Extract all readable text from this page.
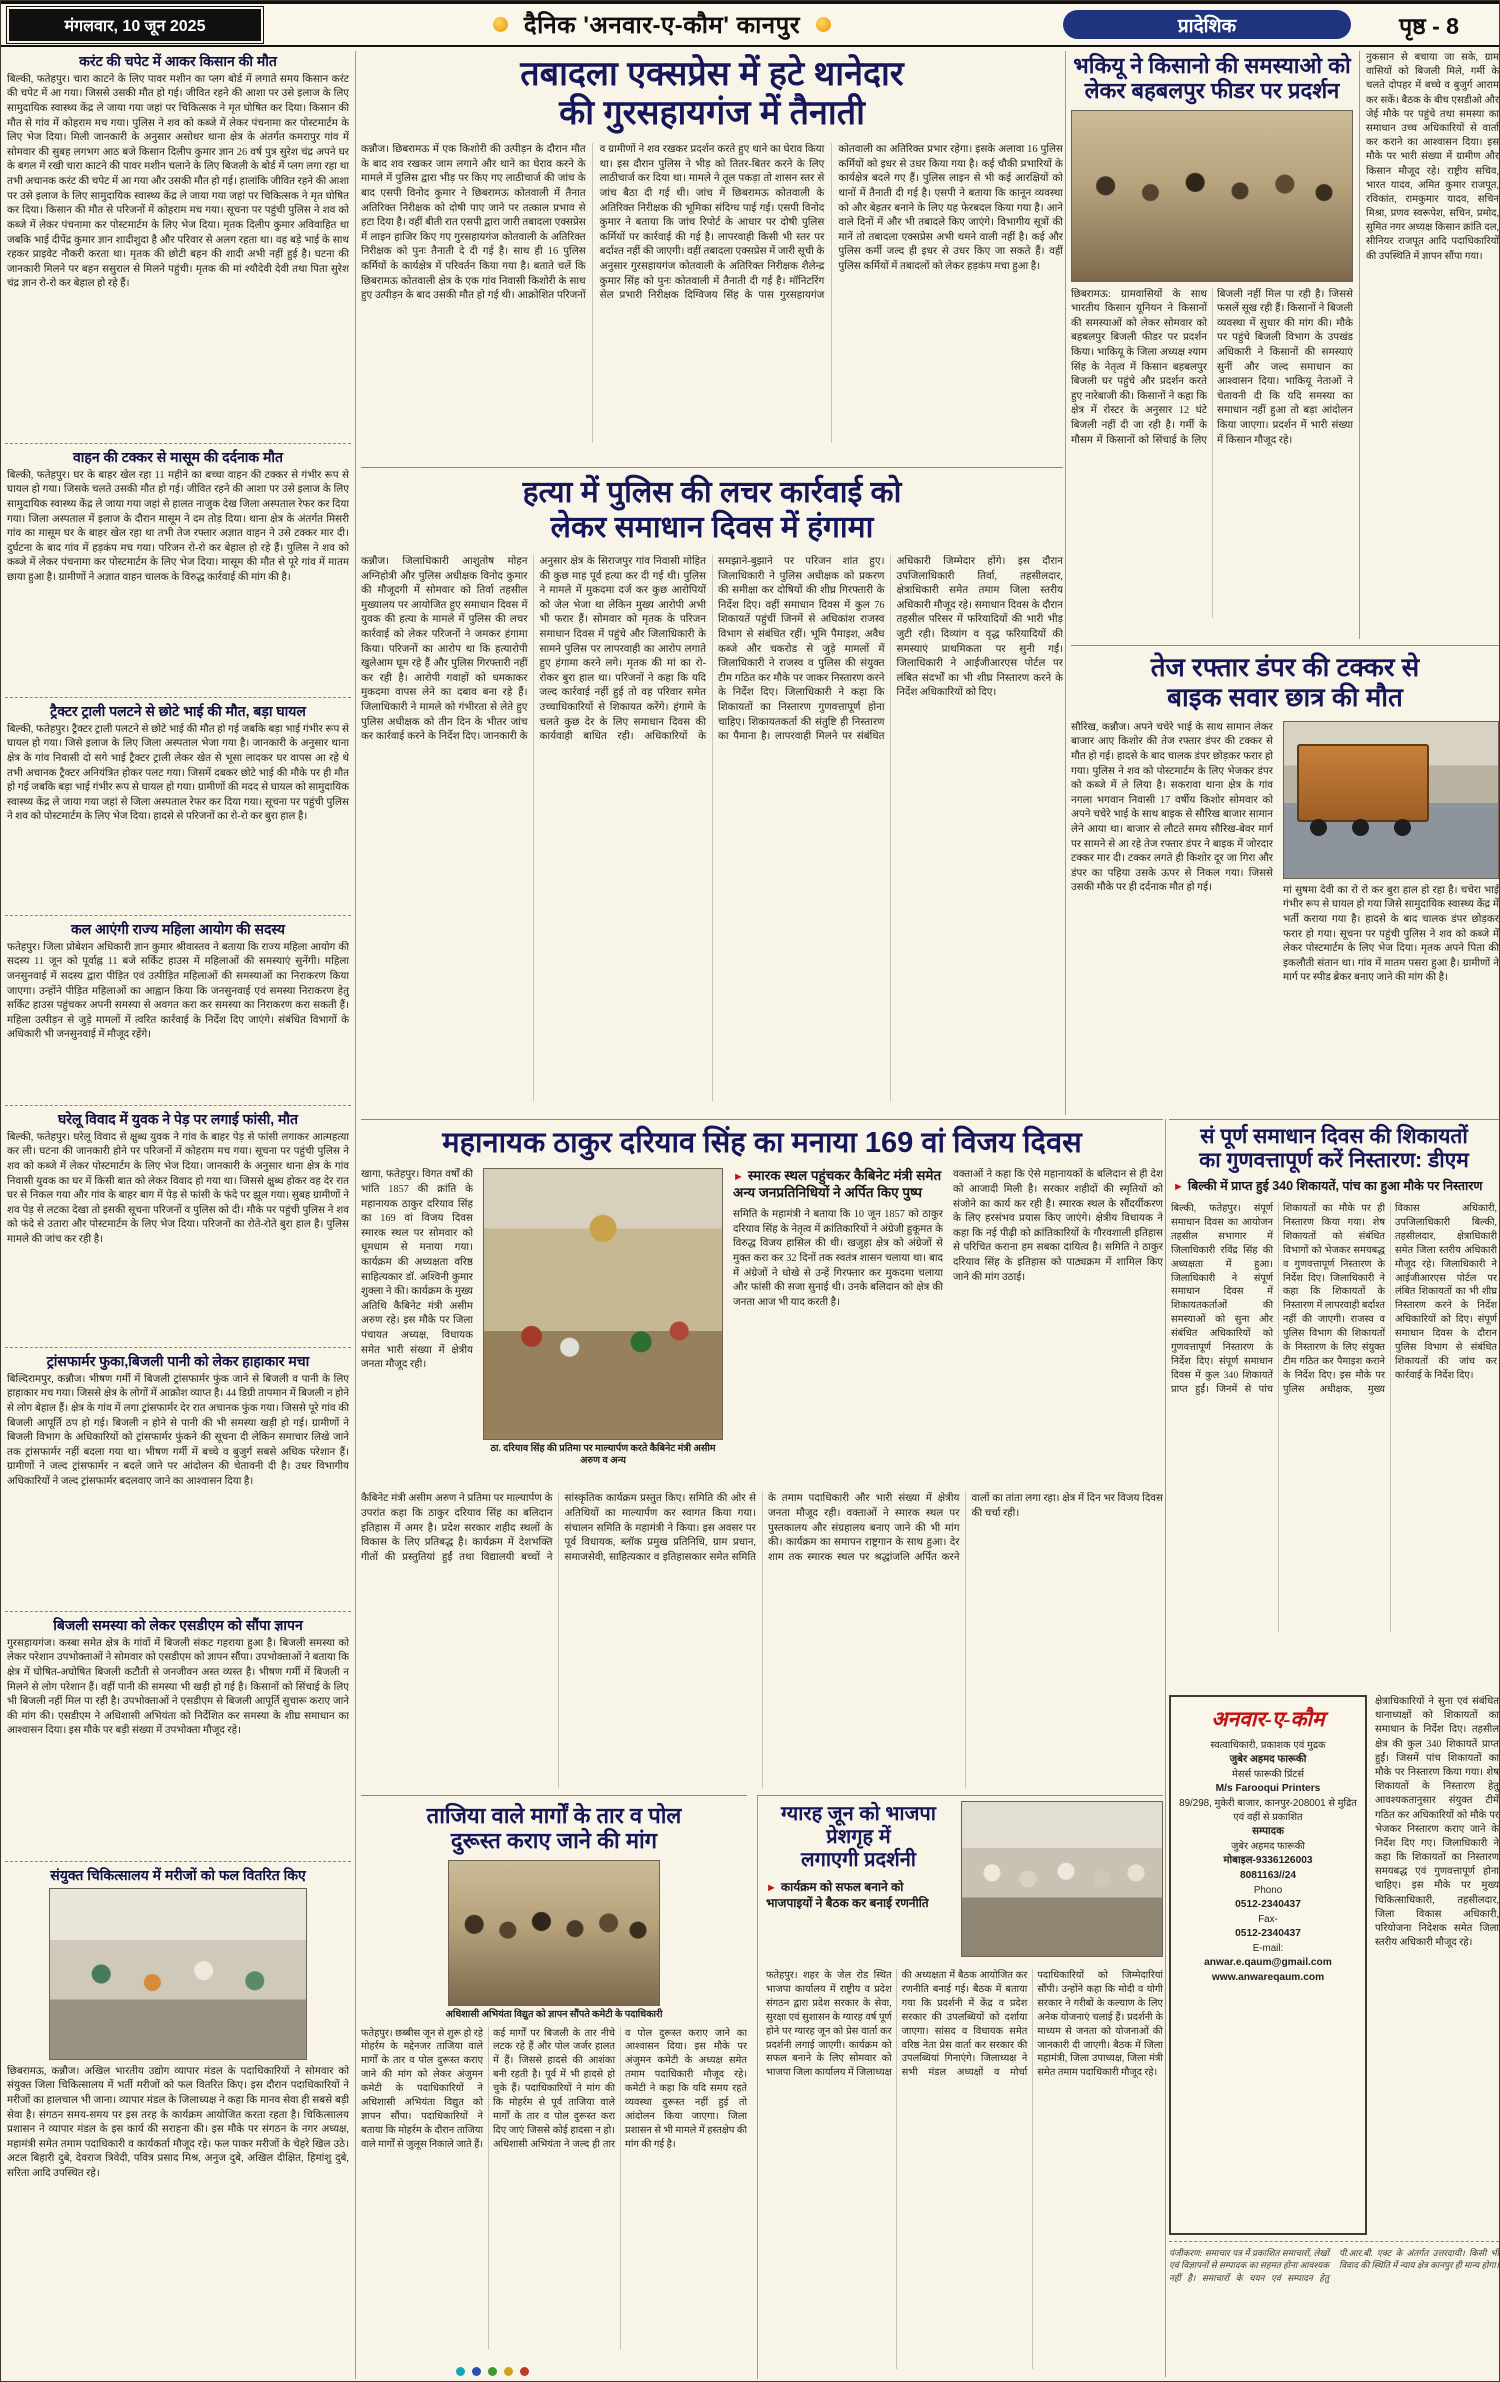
मंगलवार, 10 जून 2025	दैनिक 'अनवार-ए-कौम' कानपुर	प्रादेशिक	पृष्ठ - 8
करंट की चपेट में आकर किसान की मौत

बिल्की, फतेहपुर। चारा काटने के लिए पावर मशीन का प्लग बोर्ड में लगाते समय किसान करंट की चपेट में आ गया। जिससे उसकी मौत हो गई। जीवित रहने की आशा पर उसे इलाज के लिए सामुदायिक स्वास्थ्य केंद्र ले जाया गया जहां पर चिकित्सक ने मृत घोषित कर दिया। किसान की मौत से गांव में कोहराम मच गया। पुलिस ने शव को कब्जे में लेकर पंचनामा कर पोस्टमार्टम के लिए भेज दिया। मिली जानकारी के अनुसार असोथर थाना क्षेत्र के अंतर्गत कमरापुर गांव में सोमवार की सुबह लगभग आठ बजे किसान दिलीप कुमार ज्ञान 26 वर्ष पुत्र सुरेश चंद्र अपने घर के बगल में रखी चारा काटने की पावर मशीन चलाने के लिए बिजली के बोर्ड में प्लग लगा रहा था तभी अचानक करंट की चपेट में आ गया और उसकी मौत हो गई। हालांकि जीवित रहने की आशा पर उसे इलाज के लिए सामुदायिक स्वास्थ्य केंद्र ले जाया गया जहां पर चिकित्सक ने मृत घोषित कर दिया। किसान की मौत से परिजनों में कोहराम मच गया। सूचना पर पहुंची पुलिस ने शव को कब्जे में लेकर पंचनामा कर पोस्टमार्टम के लिए भेज दिया। मृतक दिलीप कुमार अविवाहित था जबकि भाई दीपेंद्र कुमार ज्ञान शादीशुदा है और परिवार से अलग रहता था। वह बड़े भाई के साथ रहकर प्राइवेट नौकरी करता था। मृतक की छोटी बहन की शादी अभी नहीं हुई है। घटना की जानकारी मिलने पर बहन ससुराल से मिलने पहुंची। मृतक की मां श्यौदेवी देवी तथा पिता सुरेश चंद्र ज्ञान रो-रो कर बेहाल हो रहे हैं।

वाहन की टक्कर से मासूम की दर्दनाक मौत

बिल्की, फतेहपुर। घर के बाहर खेल रहा 11 महीने का बच्चा वाहन की टक्कर से गंभीर रूप से घायल हो गया। जिसके चलते उसकी मौत हो गई। जीवित रहने की आशा पर उसे इलाज के लिए सामुदायिक स्वास्थ्य केंद्र ले जाया गया जहां से हालत नाजुक देख जिला अस्पताल रेफर कर दिया गया। जिला अस्पताल में इलाज के दौरान मासूम ने दम तोड़ दिया। थाना क्षेत्र के अंतर्गत मिसरी गांव का मासूम घर के बाहर खेल रहा था तभी तेज रफ्तार अज्ञात वाहन ने उसे टक्कर मार दी। दुर्घटना के बाद गांव में हड़कंप मच गया। परिजन रो-रो कर बेहाल हो रहे हैं। पुलिस ने शव को कब्जे में लेकर पंचनामा कर पोस्टमार्टम के लिए भेज दिया। मासूम की मौत से पूरे गांव में मातम छाया हुआ है। ग्रामीणों ने अज्ञात वाहन चालक के विरुद्ध कार्रवाई की मांग की है।

ट्रैक्टर ट्राली पलटने से छोटे भाई की मौत, बड़ा घायल

बिल्की, फतेहपुर। ट्रैक्टर ट्राली पलटने से छोटे भाई की मौत हो गई जबकि बड़ा भाई गंभीर रूप से घायल हो गया। जिसे इलाज के लिए जिला अस्पताल भेजा गया है। जानकारी के अनुसार थाना क्षेत्र के गांव निवासी दो सगे भाई ट्रैक्टर ट्राली लेकर खेत से भूसा लादकर घर वापस आ रहे थे तभी अचानक ट्रैक्टर अनियंत्रित होकर पलट गया। जिसमें दबकर छोटे भाई की मौके पर ही मौत हो गई जबकि बड़ा भाई गंभीर रूप से घायल हो गया। ग्रामीणों की मदद से घायल को सामुदायिक स्वास्थ्य केंद्र ले जाया गया जहां से जिला अस्पताल रेफर कर दिया गया। सूचना पर पहुंची पुलिस ने शव को पोस्टमार्टम के लिए भेज दिया। हादसे से परिजनों का रो-रो कर बुरा हाल है।

कल आएंगी राज्य महिला आयोग की सदस्य

फतेहपुर। जिला प्रोबेशन अधिकारी ज्ञान कुमार श्रीवास्तव ने बताया कि राज्य महिला आयोग की सदस्य 11 जून को पूर्वाह्न 11 बजे सर्किट हाउस में महिलाओं की समस्याएं सुनेंगी। महिला जनसुनवाई में सदस्य द्वारा पीड़ित एवं उत्पीड़ित महिलाओं की समस्याओं का निराकरण किया जाएगा। उन्होंने पीड़ित महिलाओं का आह्वान किया कि जनसुनवाई एवं समस्या निराकरण हेतु सर्किट हाउस पहुंचकर अपनी समस्या से अवगत करा कर समस्या का निराकरण करा सकती हैं। महिला उत्पीड़न से जुड़े मामलों में त्वरित कार्रवाई के निर्देश दिए जाएंगे। संबंधित विभागों के अधिकारी भी जनसुनवाई में मौजूद रहेंगे।

घरेलू विवाद में युवक ने पेड़ पर लगाई फांसी, मौत

बिल्की, फतेहपुर। घरेलू विवाद से क्षुब्ध युवक ने गांव के बाहर पेड़ से फांसी लगाकर आत्महत्या कर ली। घटना की जानकारी होने पर परिजनों में कोहराम मच गया। सूचना पर पहुंची पुलिस ने शव को कब्जे में लेकर पोस्टमार्टम के लिए भेज दिया। जानकारी के अनुसार थाना क्षेत्र के गांव निवासी युवक का घर में किसी बात को लेकर विवाद हो गया था। जिससे क्षुब्ध होकर वह देर रात घर से निकल गया और गांव के बाहर बाग में पेड़ से फांसी के फंदे पर झूल गया। सुबह ग्रामीणों ने शव पेड़ से लटका देखा तो इसकी सूचना परिजनों व पुलिस को दी। मौके पर पहुंची पुलिस ने शव को फंदे से उतारा और पोस्टमार्टम के लिए भेज दिया। परिजनों का रोते-रोते बुरा हाल है। पुलिस मामले की जांच कर रही है।

ट्रांसफार्मर फुका,बिजली पानी को लेकर हाहाकार मचा

बिल्दिरामपुर, कन्नौज। भीषण गर्मी में बिजली ट्रांसफार्मर फुंक जाने से बिजली व पानी के लिए हाहाकार मच गया। जिससे क्षेत्र के लोगों में आक्रोश व्याप्त है। 44 डिग्री तापमान में बिजली न होने से लोग बेहाल हैं। क्षेत्र के गांव में लगा ट्रांसफार्मर देर रात अचानक फुंक गया। जिससे पूरे गांव की बिजली आपूर्ति ठप हो गई। बिजली न होने से पानी की भी समस्या खड़ी हो गई। ग्रामीणों ने बिजली विभाग के अधिकारियों को ट्रांसफार्मर फुंकने की सूचना दी लेकिन समाचार लिखे जाने तक ट्रांसफार्मर नहीं बदला गया था। भीषण गर्मी में बच्चे व बुजुर्ग सबसे अधिक परेशान हैं। ग्रामीणों ने जल्द ट्रांसफार्मर न बदले जाने पर आंदोलन की चेतावनी दी है। उधर विभागीय अधिकारियों ने जल्द ट्रांसफार्मर बदलवाए जाने का आश्वासन दिया है।

बिजली समस्या को लेकर एसडीएम को सौंपा ज्ञापन

गुरसहायगंज। कस्बा समेत क्षेत्र के गांवों में बिजली संकट गहराया हुआ है। बिजली समस्या को लेकर परेशान उपभोक्ताओं ने सोमवार को एसडीएम को ज्ञापन सौंपा। उपभोक्ताओं ने बताया कि क्षेत्र में घोषित-अघोषित बिजली कटौती से जनजीवन अस्त व्यस्त है। भीषण गर्मी में बिजली न मिलने से लोग परेशान हैं। वहीं पानी की समस्या भी खड़ी हो गई है। किसानों को सिंचाई के लिए भी बिजली नहीं मिल पा रही है। उपभोक्ताओं ने एसडीएम से बिजली आपूर्ति सुचारू कराए जाने की मांग की। एसडीएम ने अधिशासी अभियंता को निर्देशित कर समस्या के शीघ्र समाधान का आश्वासन दिया। इस मौके पर बड़ी संख्या में उपभोक्ता मौजूद रहे।

संयुक्त चिकित्सालय में मरीजों को फल वितरित किए

छिबरामऊ, कन्नौज। अखिल भारतीय उद्योग व्यापार मंडल के पदाधिकारियों ने सोमवार को संयुक्त जिला चिकित्सालय में भर्ती मरीजों को फल वितरित किए। इस दौरान पदाधिकारियों ने मरीजों का हालचाल भी जाना। व्यापार मंडल के जिलाध्यक्ष ने कहा कि मानव सेवा ही सबसे बड़ी सेवा है। संगठन समय-समय पर इस तरह के कार्यक्रम आयोजित करता रहता है। चिकित्सालय प्रशासन ने व्यापार मंडल के इस कार्य की सराहना की। इस मौके पर संगठन के नगर अध्यक्ष, महामंत्री समेत तमाम पदाधिकारी व कार्यकर्ता मौजूद रहे। फल पाकर मरीजों के चेहरे खिल उठे। अटल बिहारी दुबे, देवराज त्रिवेदी, पवित्र प्रसाद मिश्र, अनुज दुबे, अखिल दीक्षित, हिमांशु दुबे, सरिता आदि उपस्थित रहे।

तबादला एक्सप्रेस में हटे थानेदार
की गुरसहायगंज में तैनाती
कन्नौज। छिबरामऊ में एक किशोरी की उत्पीड़न के दौरान मौत के बाद शव रखकर जाम लगाने और थाने का घेराव करने के मामले में पुलिस द्वारा भीड़ पर किए गए लाठीचार्ज की जांच के बाद एसपी विनोद कुमार ने छिबरामऊ कोतवाली में तैनात अतिरिक्त निरीक्षक को दोषी पाए जाने पर तत्काल प्रभाव से हटा दिया है। वहीं बीती रात एसपी द्वारा जारी तबादला एक्सप्रेस में लाइन हाजिर किए गए गुरसहायगंज कोतवाली के अतिरिक्त निरीक्षक को पुनः तैनाती दे दी गई है। साथ ही 16 पुलिस कर्मियों के कार्यक्षेत्र में परिवर्तन किया गया है। बताते चलें कि छिबरामऊ कोतवाली क्षेत्र के एक गांव निवासी किशोरी के साथ हुए उत्पीड़न के बाद उसकी मौत हो गई थी। आक्रोशित परिजनों व ग्रामीणों ने शव रखकर प्रदर्शन करते हुए थाने का घेराव किया था। इस दौरान पुलिस ने भीड़ को तितर-बितर करने के लिए लाठीचार्ज कर दिया था। मामले ने तूल पकड़ा तो शासन स्तर से जांच बैठा दी गई थी। जांच में छिबरामऊ कोतवाली के अतिरिक्त निरीक्षक की भूमिका संदिग्ध पाई गई। एसपी विनोद कुमार ने बताया कि जांच रिपोर्ट के आधार पर दोषी पुलिस कर्मियों पर कार्रवाई की गई है। लापरवाही किसी भी स्तर पर बर्दाश्त नहीं की जाएगी। वहीं तबादला एक्सप्रेस में जारी सूची के अनुसार गुरसहायगंज कोतवाली के अतिरिक्त निरीक्षक शैलेन्द्र कुमार सिंह को पुनः कोतवाली में तैनाती दी गई है। मॉनिटरिंग सेल प्रभारी निरीक्षक दिग्विजय सिंह के पास गुरसहायगंज कोतवाली का अतिरिक्त प्रभार रहेगा। इसके अलावा 16 पुलिस कर्मियों को इधर से उधर किया गया है। कई चौकी प्रभारियों के कार्यक्षेत्र बदले गए हैं। पुलिस लाइन से भी कई आरक्षियों को थानों में तैनाती दी गई है। एसपी ने बताया कि कानून व्यवस्था को और बेहतर बनाने के लिए यह फेरबदल किया गया है। आने वाले दिनों में और भी तबादले किए जाएंगे। विभागीय सूत्रों की मानें तो तबादला एक्सप्रेस अभी थमने वाली नहीं है। कई और पुलिस कर्मी जल्द ही इधर से उधर किए जा सकते हैं। वहीं पुलिस कर्मियों में तबादलों को लेकर हड़कंप मचा हुआ है।
हत्या में पुलिस की लचर कार्रवाई को
लेकर समाधान दिवस में हंगामा
कन्नौज। जिलाधिकारी आशुतोष मोहन अग्निहोत्री और पुलिस अधीक्षक विनोद कुमार की मौजूदगी में सोमवार को तिर्वा तहसील मुख्यालय पर आयोजित हुए समाधान दिवस में युवक की हत्या के मामले में पुलिस की लचर कार्रवाई को लेकर परिजनों ने जमकर हंगामा किया। परिजनों का आरोप था कि हत्यारोपी खुलेआम घूम रहे हैं और पुलिस गिरफ्तारी नहीं कर रही है। आरोपी गवाहों को धमकाकर मुकदमा वापस लेने का दबाव बना रहे हैं। जिलाधिकारी ने मामले को गंभीरता से लेते हुए पुलिस अधीक्षक को तीन दिन के भीतर जांच कर कार्रवाई करने के निर्देश दिए। जानकारी के अनुसार क्षेत्र के सिराजपुर गांव निवासी मोहित की कुछ माह पूर्व हत्या कर दी गई थी। पुलिस ने मामले में मुकदमा दर्ज कर कुछ आरोपियों को जेल भेजा था लेकिन मुख्य आरोपी अभी भी फरार हैं। सोमवार को मृतक के परिजन समाधान दिवस में पहुंचे और जिलाधिकारी के सामने पुलिस पर लापरवाही का आरोप लगाते हुए हंगामा करने लगे। मृतक की मां का रो-रोकर बुरा हाल था। परिजनों ने कहा कि यदि जल्द कार्रवाई नहीं हुई तो वह परिवार समेत उच्चाधिकारियों से शिकायत करेंगे। हंगामे के चलते कुछ देर के लिए समाधान दिवस की कार्यवाही बाधित रही। अधिकारियों के समझाने-बुझाने पर परिजन शांत हुए। जिलाधिकारी ने पुलिस अधीक्षक को प्रकरण की समीक्षा कर दोषियों की शीघ्र गिरफ्तारी के निर्देश दिए। वहीं समाधान दिवस में कुल 76 शिकायतें पहुंचीं जिनमें से अधिकांश राजस्व विभाग से संबंधित रहीं। भूमि पैमाइश, अवैध कब्जे और चकरोड से जुड़े मामलों में जिलाधिकारी ने राजस्व व पुलिस की संयुक्त टीम गठित कर मौके पर जाकर निस्तारण करने के निर्देश दिए। जिलाधिकारी ने कहा कि शिकायतों का निस्तारण गुणवत्तापूर्ण होना चाहिए। शिकायतकर्ता की संतुष्टि ही निस्तारण का पैमाना है। लापरवाही मिलने पर संबंधित अधिकारी जिम्मेदार होंगे। इस दौरान उपजिलाधिकारी तिर्वा, तहसीलदार, क्षेत्राधिकारी समेत तमाम जिला स्तरीय अधिकारी मौजूद रहे। समाधान दिवस के दौरान तहसील परिसर में फरियादियों की भारी भीड़ जुटी रही। दिव्यांग व वृद्ध फरियादियों की समस्याएं प्राथमिकता पर सुनी गईं। जिलाधिकारी ने आईजीआरएस पोर्टल पर लंबित संदर्भों का भी शीघ्र निस्तारण करने के निर्देश अधिकारियों को दिए।
भकियू ने किसानो की समस्याओ को
लेकर बहबलपुर फीडर पर प्रदर्शन
छिबरामऊ: ग्रामवासियों के साथ भारतीय किसान यूनियन ने किसानों की समस्याओं को लेकर सोमवार को बहबलपुर बिजली फीडर पर प्रदर्शन किया। भाकियू के जिला अध्यक्ष श्याम सिंह के नेतृत्व में किसान बहबलपुर बिजली घर पहुंचे और प्रदर्शन करते हुए नारेबाजी की। किसानों ने कहा कि क्षेत्र में रोस्टर के अनुसार 12 घंटे बिजली नहीं दी जा रही है। गर्मी के मौसम में किसानों को सिंचाई के लिए बिजली नहीं मिल पा रही है। जिससे फसलें सूख रही हैं। किसानों ने बिजली व्यवस्था में सुधार की मांग की। मौके पर पहुंचे बिजली विभाग के उपखंड अधिकारी ने किसानों की समस्याएं सुनीं और जल्द समाधान का आश्वासन दिया। भाकियू नेताओं ने चेतावनी दी कि यदि समस्या का समाधान नहीं हुआ तो बड़ा आंदोलन किया जाएगा। प्रदर्शन में भारी संख्या में किसान मौजूद रहे।
नुकसान से बचाया जा सके, ग्राम वासियों को बिजली मिले, गर्मी के चलते दोपहर में बच्चे व बुजुर्ग आराम कर सकें। बैठक के बीच एसडीओ और जेई मौके पर पहुंचे तथा समस्या का समाधान उच्च अधिकारियों से वार्ता कर कराने का आश्वासन दिया। इस मौके पर भारी संख्या में ग्रामीण और किसान मौजूद रहे। राष्ट्रीय सचिव, भारत यादव, अमित कुमार राजपूत, रविकांत, रामकुमार यादव, सचिन मिश्रा, प्रणव स्वरूपेश, सचिन, प्रमोद, सुमित नगर अध्यक्ष किसान क्रांति दल, सीनियर राजपूत आदि पदाधिकारियों की उपस्थिति में ज्ञापन सौंपा गया।
तेज रफ्तार डंपर की टक्कर से
बाइक सवार छात्र की मौत
सौरिख, कन्नौज। अपने चचेरे भाई के साथ सामान लेकर बाजार आए किशोर की तेज रफ्तार डंपर की टक्कर से मौत हो गई। हादसे के बाद चालक डंपर छोड़कर फरार हो गया। पुलिस ने शव को पोस्टमार्टम के लिए भेजकर डंपर को कब्जे में ले लिया है। सकरावा थाना क्षेत्र के गांव नगला भगवान निवासी 17 वर्षीय किशोर सोमवार को अपने चचेरे भाई के साथ बाइक से सौरिख बाजार सामान लेने आया था। बाजार से लौटते समय सौरिख-बेवर मार्ग पर सामने से आ रहे तेज रफ्तार डंपर ने बाइक में जोरदार टक्कर मार दी। टक्कर लगते ही किशोर दूर जा गिरा और डंपर का पहिया उसके ऊपर से निकल गया। जिससे उसकी मौके पर ही दर्दनाक मौत हो गई।	मां सुषमा देवी का रो रो कर बुरा हाल हो रहा है। चचेरा भाई गंभीर रूप से घायल हो गया जिसे सामुदायिक स्वास्थ्य केंद्र में भर्ती कराया गया है। हादसे के बाद चालक डंपर छोड़कर फरार हो गया। सूचना पर पहुंची पुलिस ने शव को कब्जे में लेकर पोस्टमार्टम के लिए भेज दिया। मृतक अपने पिता की इकलौती संतान था। गांव में मातम पसरा हुआ है। ग्रामीणों ने मार्ग पर स्पीड ब्रेकर बनाए जाने की मांग की है।
महानायक ठाकुर दरियाव सिंह का मनाया 169 वां विजय दिवस
खागा, फतेहपुर। विगत वर्षों की भांति 1857 की क्रांति के महानायक ठाकुर दरियाव सिंह का 169 वां विजय दिवस स्मारक स्थल पर सोमवार को धूमधाम से मनाया गया। कार्यक्रम की अध्यक्षता वरिष्ठ साहित्यकार डॉ. अश्विनी कुमार शुक्ला ने की। कार्यक्रम के मुख्य अतिथि कैबिनेट मंत्री असीम अरुण रहे। इस मौके पर जिला पंचायत अध्यक्ष, विधायक समेत भारी संख्या में क्षेत्रीय जनता मौजूद रही।
ठा. दरियाव सिंह की प्रतिमा पर माल्यार्पण करते कैबिनेट मंत्री असीम अरुण व अन्य
► स्मारक स्थल पहुंचकर कैबिनेट मंत्री समेत अन्य जनप्रतिनिधियों ने अर्पित किए पुष्प
समिति के महामंत्री ने बताया कि 10 जून 1857 को ठाकुर दरियाव सिंह के नेतृत्व में क्रांतिकारियों ने अंग्रेजी हुकूमत के विरुद्ध विजय हासिल की थी। खजुहा क्षेत्र को अंग्रेजों से मुक्त करा कर 32 दिनों तक स्वतंत्र शासन चलाया था। बाद में अंग्रेजों ने धोखे से उन्हें गिरफ्तार कर मुकदमा चलाया और फांसी की सजा सुनाई थी। उनके बलिदान को क्षेत्र की जनता आज भी याद करती है।
वक्ताओं ने कहा कि ऐसे महानायकों के बलिदान से ही देश को आजादी मिली है। सरकार शहीदों की स्मृतियों को संजोने का कार्य कर रही है। स्मारक स्थल के सौंदर्यीकरण के लिए हरसंभव प्रयास किए जाएंगे। क्षेत्रीय विधायक ने कहा कि नई पीढ़ी को क्रांतिकारियों के गौरवशाली इतिहास से परिचित कराना हम सबका दायित्व है। समिति ने ठाकुर दरियाव सिंह के इतिहास को पाठ्यक्रम में शामिल किए जाने की मांग उठाई।
कैबिनेट मंत्री असीम अरुण ने प्रतिमा पर माल्यार्पण के उपरांत कहा कि ठाकुर दरियाव सिंह का बलिदान इतिहास में अमर है। प्रदेश सरकार शहीद स्थलों के विकास के लिए प्रतिबद्ध है। कार्यक्रम में देशभक्ति गीतों की प्रस्तुतियां हुईं तथा विद्यालयी बच्चों ने सांस्कृतिक कार्यक्रम प्रस्तुत किए। समिति की ओर से अतिथियों का माल्यार्पण कर स्वागत किया गया। संचालन समिति के महामंत्री ने किया। इस अवसर पर पूर्व विधायक, ब्लॉक प्रमुख प्रतिनिधि, ग्राम प्रधान, समाजसेवी, साहित्यकार व इतिहासकार समेत समिति के तमाम पदाधिकारी और भारी संख्या में क्षेत्रीय जनता मौजूद रही। वक्ताओं ने स्मारक स्थल पर पुस्तकालय और संग्रहालय बनाए जाने की भी मांग की। कार्यक्रम का समापन राष्ट्रगान के साथ हुआ। देर शाम तक स्मारक स्थल पर श्रद्धांजलि अर्पित करने वालों का तांता लगा रहा। क्षेत्र में दिन भर विजय दिवस की चर्चा रही।
सं पूर्ण समाधान दिवस की शिकायतों
का गुणवत्तापूर्ण करें निस्तारण: डीएम
► बिल्की में प्राप्त हुई 340 शिकायतें, पांच का हुआ मौके पर निस्तारण
बिल्की, फतेहपुर। संपूर्ण समाधान दिवस का आयोजन तहसील सभागार में जिलाधिकारी रविंद्र सिंह की अध्यक्षता में हुआ। जिलाधिकारी ने संपूर्ण समाधान दिवस में शिकायतकर्ताओं की समस्याओं को सुना और संबंधित अधिकारियों को गुणवत्तापूर्ण निस्तारण के निर्देश दिए। संपूर्ण समाधान दिवस में कुल 340 शिकायतें प्राप्त हुईं। जिनमें से पांच शिकायतों का मौके पर ही निस्तारण किया गया। शेष शिकायतों को संबंधित विभागों को भेजकर समयबद्ध व गुणवत्तापूर्ण निस्तारण के निर्देश दिए। जिलाधिकारी ने कहा कि शिकायतों के निस्तारण में लापरवाही बर्दाश्त नहीं की जाएगी। राजस्व व पुलिस विभाग की शिकायतों के निस्तारण के लिए संयुक्त टीम गठित कर पैमाइश कराने के निर्देश दिए। इस मौके पर पुलिस अधीक्षक, मुख्य विकास अधिकारी, उपजिलाधिकारी बिल्की, तहसीलदार, क्षेत्राधिकारी समेत जिला स्तरीय अधिकारी मौजूद रहे। जिलाधिकारी ने आईजीआरएस पोर्टल पर लंबित शिकायतों का भी शीघ्र निस्तारण करने के निर्देश अधिकारियों को दिए। संपूर्ण समाधान दिवस के दौरान पुलिस विभाग से संबंधित शिकायतों की जांच कर कार्रवाई के निर्देश दिए।
ताजिया वाले मार्गों के तार व पोल
दुरूस्त कराए जाने की मांग
अधिशासी अभियंता विद्युत को ज्ञापन सौंपते कमेटी के पदाधिकारी
फतेहपुर। छब्बीस जून से शुरू हो रहे मोहर्रम के मद्देनजर ताजिया वाले मार्गों के तार व पोल दुरूस्त कराए जाने की मांग को लेकर अंजुमन कमेटी के पदाधिकारियों ने अधिशासी अभियंता विद्युत को ज्ञापन सौंपा। पदाधिकारियों ने बताया कि मोहर्रम के दौरान ताजिया वाले मार्गों से जुलूस निकाले जाते हैं। कई मार्गों पर बिजली के तार नीचे लटक रहे हैं और पोल जर्जर हालत में हैं। जिससे हादसे की आशंका बनी रहती है। पूर्व में भी हादसे हो चुके हैं। पदाधिकारियों ने मांग की कि मोहर्रम से पूर्व ताजिया वाले मार्गों के तार व पोल दुरूस्त करा दिए जाएं जिससे कोई हादसा न हो। अधिशासी अभियंता ने जल्द ही तार व पोल दुरूस्त कराए जाने का आश्वासन दिया। इस मौके पर अंजुमन कमेटी के अध्यक्ष समेत तमाम पदाधिकारी मौजूद रहे। कमेटी ने कहा कि यदि समय रहते व्यवस्था दुरूस्त नहीं हुई तो आंदोलन किया जाएगा। जिला प्रशासन से भी मामले में हस्तक्षेप की मांग की गई है।
ग्यारह जून को भाजपा प्रेशगृह में
लगाएगी प्रदर्शनी
► कार्यक्रम को सफल बनाने को भाजपाइयों ने बैठक कर बनाई रणनीति
फतेहपुर। शहर के जेल रोड स्थित भाजपा कार्यालय में राष्ट्रीय व प्रदेश संगठन द्वारा प्रदेश सरकार के सेवा, सुरक्षा एवं सुशासन के ग्यारह वर्ष पूर्ण होने पर ग्यारह जून को प्रेस वार्ता कर प्रदर्शनी लगाई जाएगी। कार्यक्रम को सफल बनाने के लिए सोमवार को भाजपा जिला कार्यालय में जिलाध्यक्ष की अध्यक्षता में बैठक आयोजित कर रणनीति बनाई गई। बैठक में बताया गया कि प्रदर्शनी में केंद्र व प्रदेश सरकार की उपलब्धियों को दर्शाया जाएगा। सांसद व विधायक समेत वरिष्ठ नेता प्रेस वार्ता कर सरकार की उपलब्धियां गिनाएंगे। जिलाध्यक्ष ने सभी मंडल अध्यक्षों व मोर्चा पदाधिकारियों को जिम्मेदारियां सौंपी। उन्होंने कहा कि मोदी व योगी सरकार ने गरीबों के कल्याण के लिए अनेक योजनाएं चलाई हैं। प्रदर्शनी के माध्यम से जनता को योजनाओं की जानकारी दी जाएगी। बैठक में जिला महामंत्री, जिला उपाध्यक्ष, जिला मंत्री समेत तमाम पदाधिकारी मौजूद रहे।
अनवार-ए-कौम
स्वत्वाधिकारी, प्रकाशक एवं मुद्रक
जुबेर अहमद फारूकी
मेसर्स फारूकी प्रिंटर्स
M/s Farooqui Printers
89/298, मुकेरी बाजार, कानपुर-208001 से मुद्रित एवं वहीं से प्रकाशित
सम्पादक
जुबेर अहमद फारूकी
मोबाइल-9336126003
8081163//24
Phono
0512-2340437
Fax-
0512-2340437
E-mail:
anwar.e.qaum@gmail.com
www.anwareqaum.com
क्षेत्राधिकारियों ने सुना एवं संबंधित थानाध्यक्षों को शिकायतों का समाधान के निर्देश दिए। तहसील क्षेत्र की कुल 340 शिकायतें प्राप्त हुईं। जिसमें पांच शिकायतों का मौके पर निस्तारण किया गया। शेष शिकायतों के निस्तारण हेतु आवश्यकतानुसार संयुक्त टीमें गठित कर अधिकारियों को मौके पर भेजकर निस्तारण कराए जाने के निर्देश दिए गए। जिलाधिकारी ने कहा कि शिकायतों का निस्तारण समयबद्ध एवं गुणवत्तापूर्ण होना चाहिए। इस मौके पर मुख्य चिकित्साधिकारी, तहसीलदार, जिला विकास अधिकारी, परियोजना निदेशक समेत जिला स्तरीय अधिकारी मौजूद रहे।
पंजीकरण: समाचार पत्र में प्रकाशित समाचारों, लेखों एवं विज्ञापनों से सम्पादक का सहमत होना आवश्यक नहीं है। समाचारों के चयन एवं सम्पादन हेतु पी.आर.बी. एक्ट के अंतर्गत उत्तरदायी। किसी भी विवाद की स्थिति में न्याय क्षेत्र कानपुर ही मान्य होगा।
